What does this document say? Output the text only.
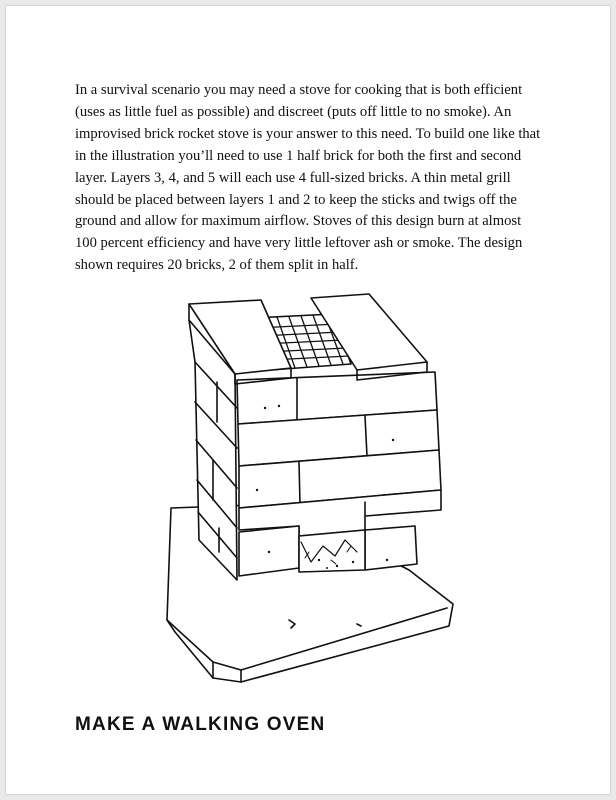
In a survival scenario you may need a stove for cooking that is both efficient (uses as little fuel as possible) and discreet (puts off little to no smoke). An improvised brick rocket stove is your answer to this need. To build one like that in the illustration you’ll need to use 1 half brick for both the first and second layer. Layers 3, 4, and 5 will each use 4 full-sized bricks. A thin metal grill should be placed between layers 1 and 2 to keep the sticks and twigs off the ground and allow for maximum airflow. Stoves of this design burn at almost 100 percent efficiency and have very little leftover ash or smoke. The design shown requires 20 bricks, 2 of them split in half.

MAKE A WALKING OVEN
